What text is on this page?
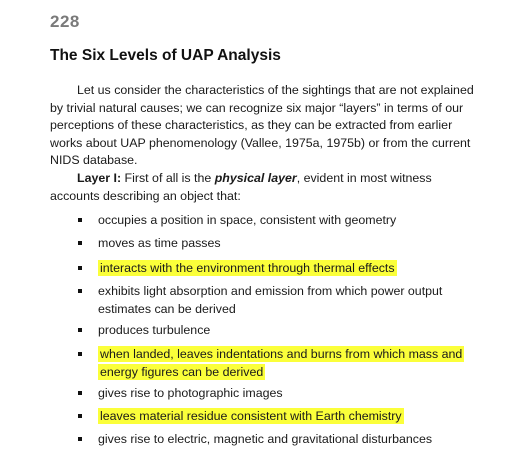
228
The Six Levels of UAP Analysis
Let us consider the characteristics of the sightings that are not explained by trivial natural causes; we can recognize six major “layers” in terms of our perceptions of these characteristics, as they can be extracted from earlier works about UAP phenomenology (Vallee, 1975a, 1975b) or from the current NIDS database.
Layer I: First of all is the physical layer, evident in most witness accounts describing an object that:
occupies a position in space, consistent with geometry
moves as time passes
interacts with the environment through thermal effects
exhibits light absorption and emission from which power output estimates can be derived
produces turbulence
when landed, leaves indentations and burns from which mass and energy figures can be derived
gives rise to photographic images
leaves material residue consistent with Earth chemistry
gives rise to electric, magnetic and gravitational disturbances
